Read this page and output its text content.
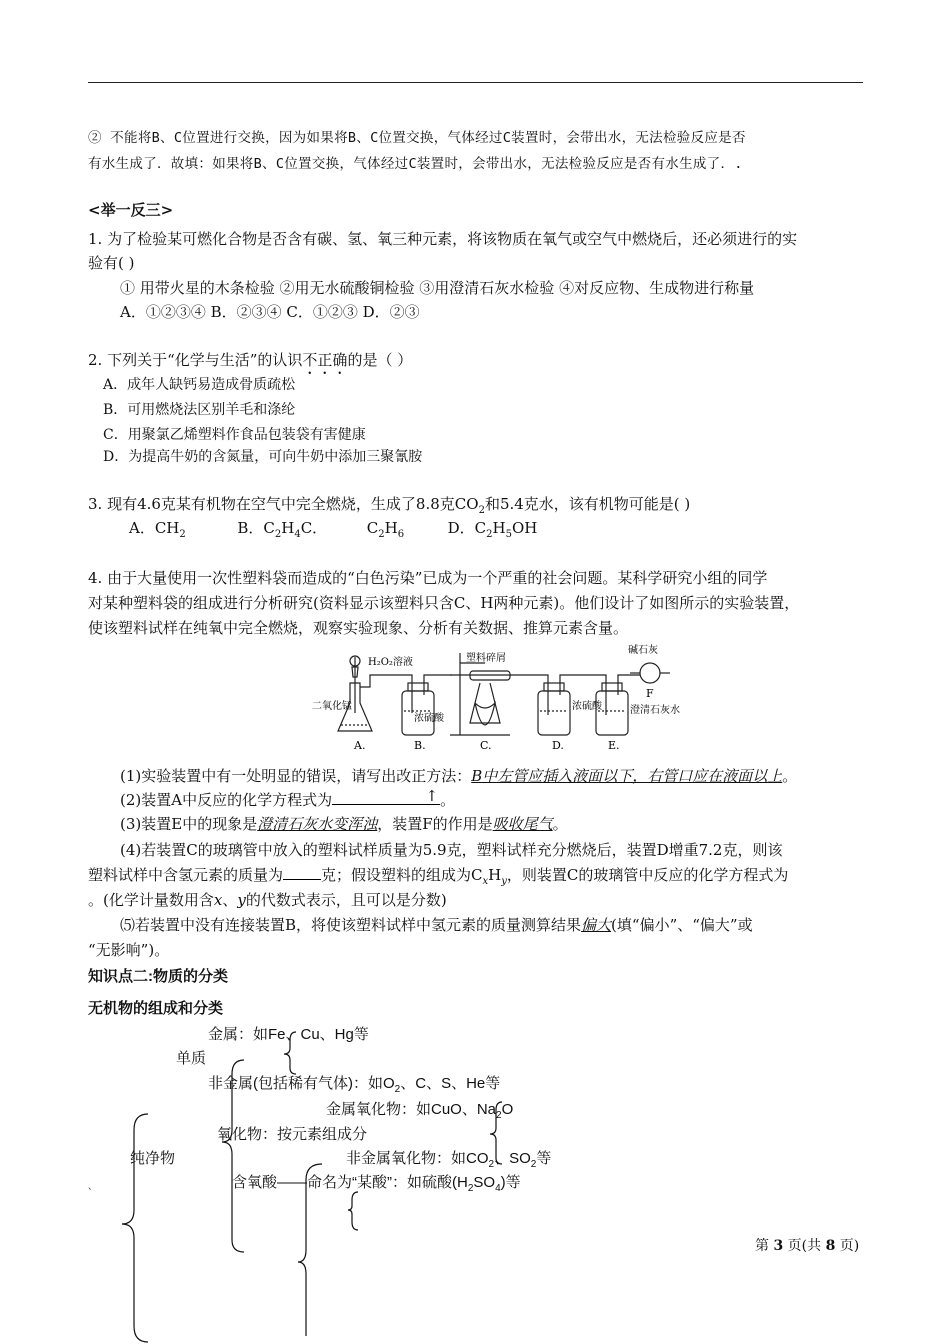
② 不能将B、C位置进行交换，因为如果将B、C位置交换，气体经过C装置时，会带出水，无法检验反应是否
有水生成了．故填：如果将B、C位置交换，气体经过C装置时，会带出水，无法检验反应是否有水生成了．.
<举一反三>
1. 为了检验某可燃化合物是否含有碳、氢、氧三种元素，将该物质在氧气或空气中燃烧后，还必须进行的实
验有( )
① 用带火星的木条检验 ②用无水硫酸铜检验 ③用澄清石灰水检验 ④对反应物、生成物进行称量
A．①②③④ B．②③④ C．①②③ D．②③
2. 下列关于“化学与生活”的认识不正确的是（ ）
A．成年人缺钙易造成骨质疏松
B．可用燃烧法区别羊毛和涤纶
C．用聚氯乙烯塑料作食品包装袋有害健康
D．为提高牛奶的含氮量，可向牛奶中添加三聚氰胺
3. 现有4.6克某有机物在空气中完全燃烧，生成了8.8克$CO_2$和5.4克水，该有机物可能是( )
A．$CH_2$	B．$C_2H_4C$．	$C_2H_6$	D．$C_2H_5OH$
4. 由于大量使用一次性塑料袋而造成的“白色污染”已成为一个严重的社会问题。某科学研究小组的同学
对某种塑料袋的组成进行分析研究(资料显示该塑料只含C、H两种元素)。他们设计了如图所示的实验装置，
使该塑料试样在纯氧中完全燃烧，观察实验现象、分析有关数据、推算元素含量。
H₂O₂溶液	塑料碎屑
碱石灰
二氧化锰
浓硫酸
浓硫酸	澄清石灰水
F
A.	B.	C.	D.	E.
(1)实验装置中有一处明显的错误，请写出改正方法：B中左管应插入液面以下，右管口应在液面以上。
(2)装置A中反应的化学方程式为	↑ 。
(3)装置E中的现象是澄清石灰水变浑浊，装置F的作用是吸收尾气。
(4)若装置C的玻璃管中放入的塑料试样质量为5.9克，塑料试样充分燃烧后，装置D增重7.2克，则该
塑料试样中含氢元素的质量为	克；假设塑料的组成为$C_xH_y$，则装置C的玻璃管中反应的化学方程式为
。(化学计量数用含x、y的代数式表示，且可以是分数)
⑸若装置中没有连接装置B，将使该塑料试样中氢元素的质量测算结果偏大(填“偏小”、“偏大”或
“无影响”)。
知识点二:物质的分类
无机物的组成和分类
金属：如Fe、Cu、Hg等
单质
非金属(包括稀有气体)：如$O_2$、C、S、He等
金属氧化物：如CuO、$Na_2O$
氧化物：按元素组成分
纯净物	非金属氧化物：如$CO_2$、$SO_2$等
、	含氧酸——命名为“某酸”：如硫酸$(H_2SO_4)$等
第 3 页(共 8 页)
